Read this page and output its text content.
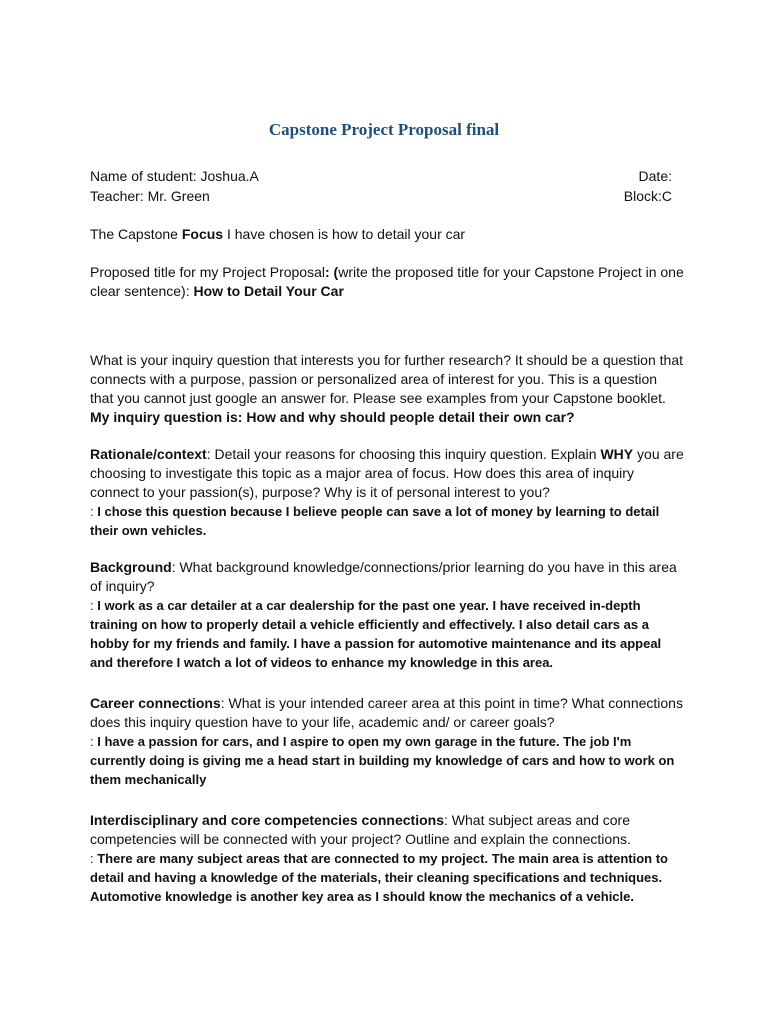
Capstone Project Proposal final
Name of student: Joshua.A	Date:
Teacher: Mr. Green	Block:C

The Capstone Focus I have chosen is how to detail your car

Proposed title for my Project Proposal: (write the proposed title for your Capstone Project in one clear sentence): How to Detail Your Car

What is your inquiry question that interests you for further research? It should be a question that connects with a purpose, passion or personalized area of interest for you. This is a question that you cannot just google an answer for. Please see examples from your Capstone booklet.

My inquiry question is: How and why should people detail their own car?

Rationale/context: Detail your reasons for choosing this inquiry question. Explain WHY you are choosing to investigate this topic as a major area of focus. How does this area of inquiry connect to your passion(s), purpose? Why is it of personal interest to you?

: I chose this question because I believe people can save a lot of money by learning to detail their own vehicles.

Background: What background knowledge/connections/prior learning do you have in this area of inquiry?

: I work as a car detailer at a car dealership for the past one year. I have received in-depth training on how to properly detail a vehicle efficiently and effectively. I also detail cars as a hobby for my friends and family. I have a passion for automotive maintenance and its appeal and therefore I watch a lot of videos to enhance my knowledge in this area.

Career connections: What is your intended career area at this point in time? What connections does this inquiry question have to your life, academic and/ or career goals?

: I have a passion for cars, and I aspire to open my own garage in the future. The job I'm currently doing is giving me a head start in building my knowledge of cars and how to work on them mechanically

Interdisciplinary and core competencies connections: What subject areas and core competencies will be connected with your project? Outline and explain the connections.

: There are many subject areas that are connected to my project. The main area is attention to detail and having a knowledge of the materials, their cleaning specifications and techniques. Automotive knowledge is another key area as I should know the mechanics of a vehicle.
